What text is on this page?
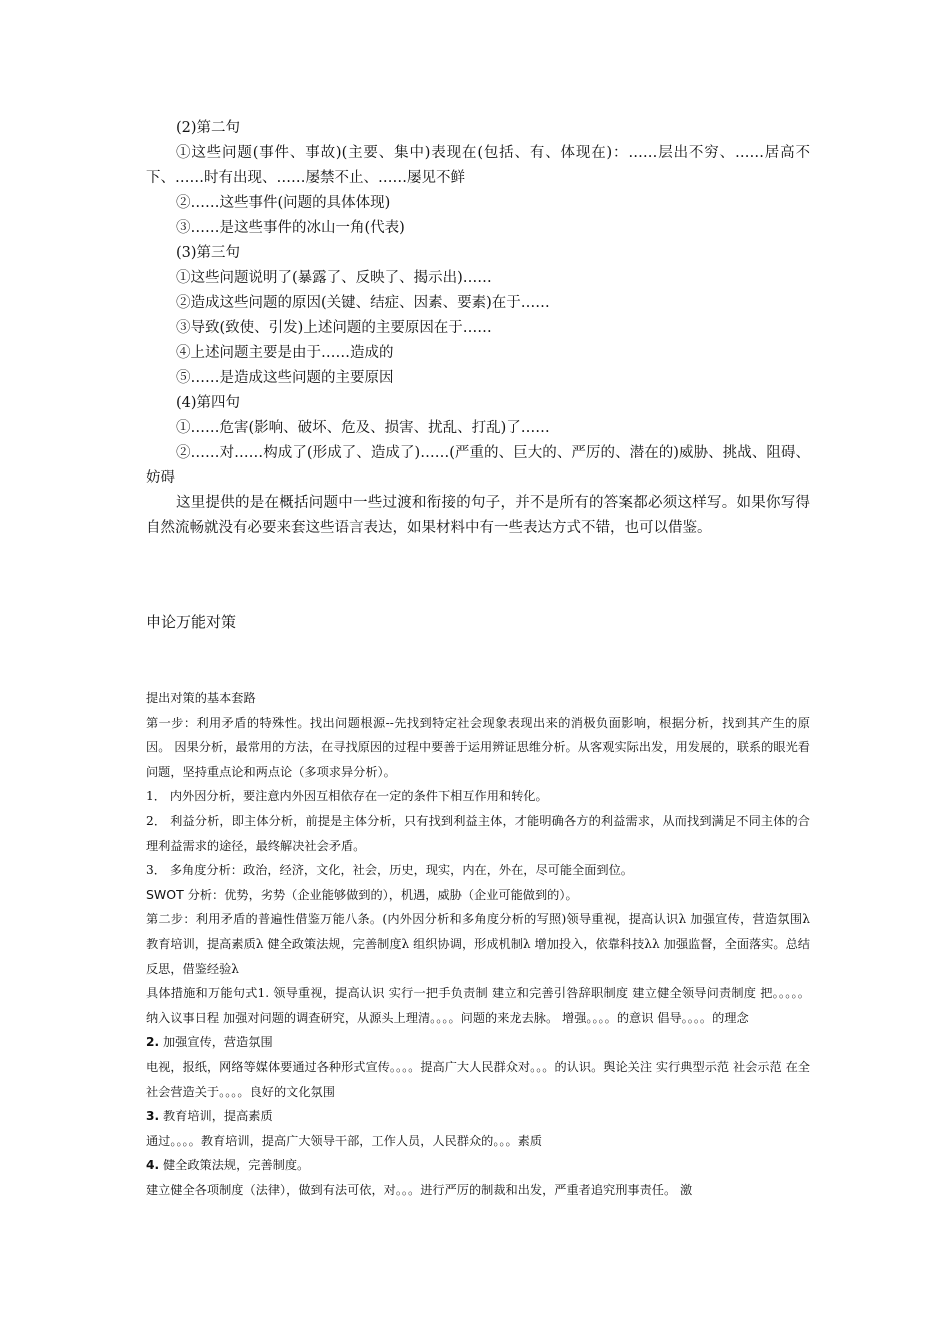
(2)第二句

①这些问题(事件、事故)(主要、集中)表现在(包括、有、体现在)：……层出不穷、……居高不下、……时有出现、……屡禁不止、……屡见不鲜

②……这些事件(问题的具体体现)

③……是这些事件的冰山一角(代表)

(3)第三句

①这些问题说明了(暴露了、反映了、揭示出)……

②造成这些问题的原因(关键、结症、因素、要素)在于……

③导致(致使、引发)上述问题的主要原因在于……

④上述问题主要是由于……造成的

⑤……是造成这些问题的主要原因

(4)第四句

①……危害(影响、破坏、危及、损害、扰乱、打乱)了……

②……对……构成了(形成了、造成了)……(严重的、巨大的、严厉的、潜在的)威胁、挑战、阻碍、妨碍

这里提供的是在概括问题中一些过渡和衔接的句子，并不是所有的答案都必须这样写。如果你写得自然流畅就没有必要来套这些语言表达，如果材料中有一些表达方式不错，也可以借鉴。

申论万能对策

提出对策的基本套路

第一步：利用矛盾的特殊性。找出问题根源--先找到特定社会现象表现出来的消极负面影响，根据分析，找到其产生的原因。 因果分析，最常用的方法，在寻找原因的过程中要善于运用辨证思维分析。从客观实际出发，用发展的，联系的眼光看问题，坚持重点论和两点论（多项求异分析）。

1． 内外因分析，要注意内外因互相依存在一定的条件下相互作用和转化。

2． 利益分析，即主体分析，前提是主体分析，只有找到利益主体，才能明确各方的利益需求，从而找到满足不同主体的合理利益需求的途径，最终解决社会矛盾。

3． 多角度分析：政治，经济，文化，社会，历史，现实，内在，外在，尽可能全面到位。

SWOT 分析：优势，劣势（企业能够做到的），机遇，威胁（企业可能做到的）。

第二步：利用矛盾的普遍性借鉴万能八条。(内外因分析和多角度分析的写照)领导重视，提高认识λ 加强宣传，营造氛围λ 教育培训，提高素质λ 健全政策法规，完善制度λ 组织协调，形成机制λ 增加投入，依靠科技λλ 加强监督，全面落实。总结反思，借鉴经验λ

具体措施和万能句式1. 领导重视，提高认识 实行一把手负责制 建立和完善引咎辞职制度 建立健全领导问责制度 把。。。。。纳入议事日程 加强对问题的调查研究，从源头上理清。。。。问题的来龙去脉。 增强。。。。的意识 倡导。。。。的理念

2. 加强宣传，营造氛围

电视，报纸，网络等媒体要通过各种形式宣传。。。。提高广大人民群众对。。。的认识。舆论关注 实行典型示范 社会示范 在全社会营造关于。。。。良好的文化氛围

3. 教育培训，提高素质

通过。。。。教育培训，提高广大领导干部，工作人员，人民群众的。。。素质

4. 健全政策法规，完善制度。

建立健全各项制度（法律），做到有法可依，对。。。进行严厉的制裁和出发，严重者追究刑事责任。 激
